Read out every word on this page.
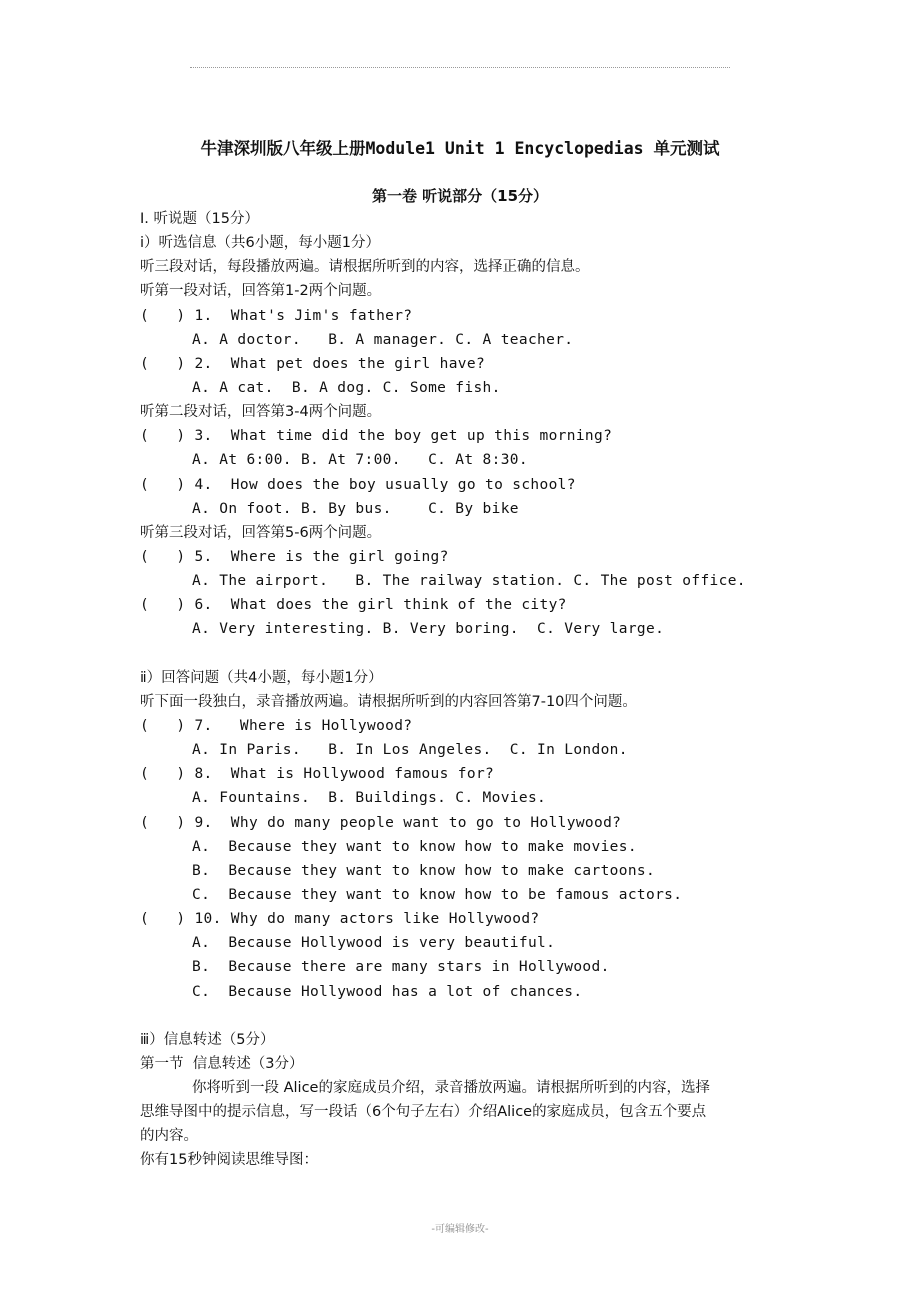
牛津深圳版八年级上册Module1 Unit 1 Encyclopedias 单元测试
第一卷 听说部分（15分）
Ⅰ. 听说题（15分）
ⅰ）听选信息（共6小题，每小题1分）
听三段对话，每段播放两遍。请根据所听到的内容，选择正确的信息。
听第一段对话，回答第1-2两个问题。
(   ) 1.  What's Jim's father?
A. A doctor.   B. A manager. C. A teacher.
(   ) 2.  What pet does the girl have?
A. A cat.  B. A dog. C. Some fish.
听第二段对话，回答第3-4两个问题。
(   ) 3.  What time did the boy get up this morning?
A. At 6:00. B. At 7:00.   C. At 8:30.
(   ) 4.  How does the boy usually go to school?
A. On foot. B. By bus.    C. By bike
听第三段对话，回答第5-6两个问题。
(   ) 5.  Where is the girl going?
A. The airport.   B. The railway station. C. The post office.
(   ) 6.  What does the girl think of the city?
A. Very interesting. B. Very boring.  C. Very large.
ⅱ）回答问题（共4小题，每小题1分）
听下面一段独白，录音播放两遍。请根据所听到的内容回答第7-10四个问题。
(   ) 7.   Where is Hollywood?
A. In Paris.   B. In Los Angeles.  C. In London.
(   ) 8.  What is Hollywood famous for?
A. Fountains.  B. Buildings. C. Movies.
(   ) 9.  Why do many people want to go to Hollywood?
A.  Because they want to know how to make movies.
B.  Because they want to know how to make cartoons.
C.  Because they want to know how to be famous actors.
(   ) 10. Why do many actors like Hollywood?
A.  Because Hollywood is very beautiful.
B.  Because there are many stars in Hollywood.
C.  Because Hollywood has a lot of chances.
ⅲ）信息转述（5分）
第一节  信息转述（3分）
你将听到一段 Alice的家庭成员介绍，录音播放两遍。请根据所听到的内容，选择
思维导图中的提示信息，写一段话（6个句子左右）介绍Alice的家庭成员，包含五个要点
的内容。
你有15秒钟阅读思维导图：
-可编辑修改-
